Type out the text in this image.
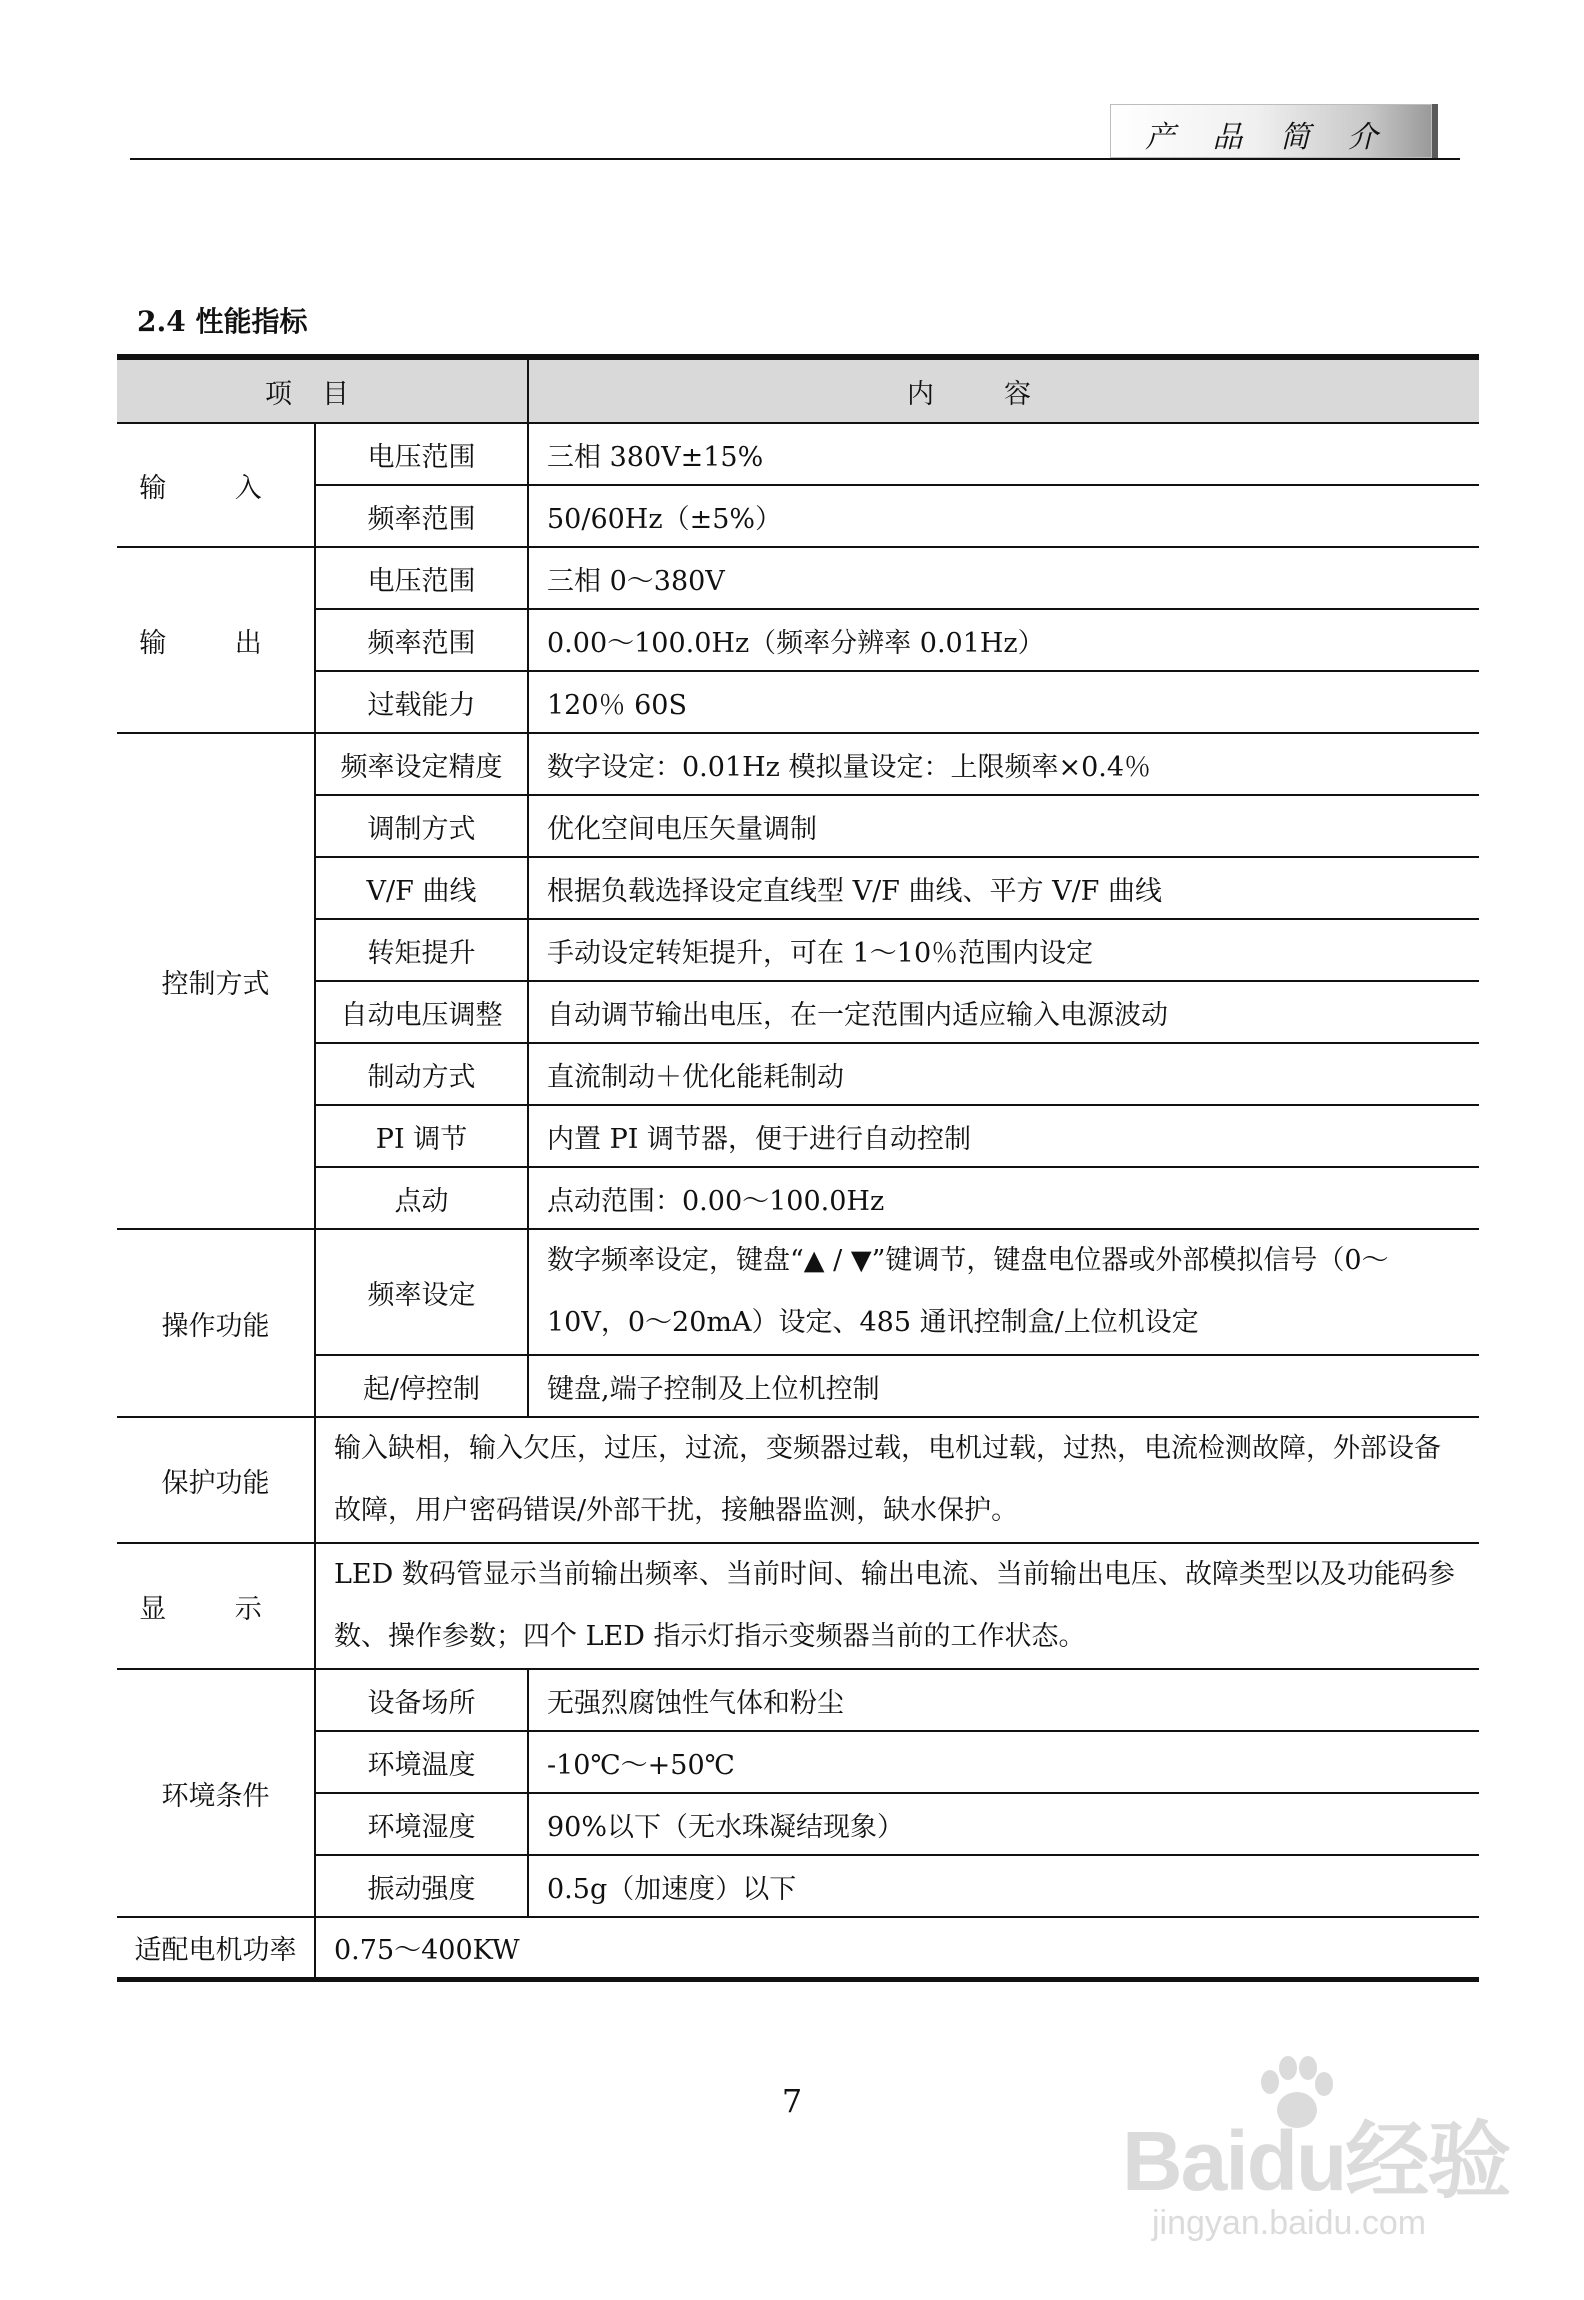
产 品 简 介
2.4 性能指标
项目		内容
输 入	电压范围	三相 380V±15%
	频率范围	50/60Hz（±5%）
输 出	电压范围	三相 0～380V
	频率范围	0.00～100.0Hz（频率分辨率 0.01Hz）
	过载能力	120％ 60S
控制方式	频率设定精度	数字设定：0.01Hz 模拟量设定：上限频率×0.4％
	调制方式	优化空间电压矢量调制
	V/F 曲线	根据负载选择设定直线型 V/F 曲线、平方 V/F 曲线
	转矩提升	手动设定转矩提升，可在 1～10％范围内设定
	自动电压调整	自动调节输出电压，在一定范围内适应输入电源波动
	制动方式	直流制动＋优化能耗制动
	PI 调节	内置 PI 调节器，便于进行自动控制
	点动	点动范围：0.00～100.0Hz
操作功能	频率设定	数字频率设定，键盘“▲ / ▼”键调节，键盘电位器或外部模拟信号（0～10V，0～20mA）设定、485 通讯控制盒/上位机设定
	起/停控制	键盘,端子控制及上位机控制
保护功能	输入缺相，输入欠压，过压，过流，变频器过载，电机过载，过热，电流检测故障，外部设备故障，用户密码错误/外部干扰，接触器监测，缺水保护。	
显 示	LED 数码管显示当前输出频率、当前时间、输出电流、当前输出电压、故障类型以及功能码参数、操作参数；四个 LED 指示灯指示变频器当前的工作状态。	
环境条件	设备场所	无强烈腐蚀性气体和粉尘
	环境温度	-10℃～+50℃
	环境湿度	90%以下（无水珠凝结现象）
	振动强度	0.5g（加速度）以下
适配电机功率	0.75～400KW	
7
Baidu经验
jingyan.baidu.com
